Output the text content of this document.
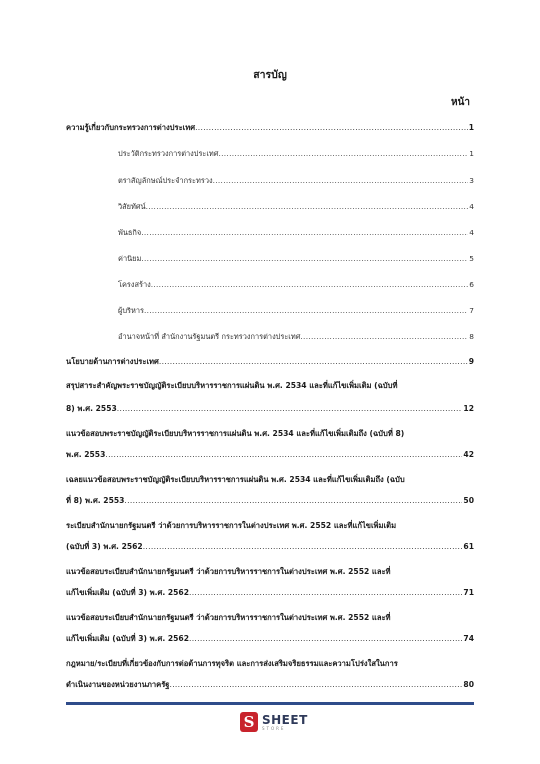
สารบัญ
หน้า
ความรู้เกี่ยวกับกระทรวงการต่างประเทศ .....	1
ประวัติกระทรวงการต่างประเทศ .....	1
ตราสัญลักษณ์ประจำกระทรวง .....	3
วิสัยทัศน์ .....	4
พันธกิจ .....	4
ค่านิยม .....	5
โครงสร้าง .....	6
ผู้บริหาร .....	7
อำนาจหน้าที่ สำนักงานรัฐมนตรี กระทรวงการต่างประเทศ .....	8
นโยบายด้านการต่างประเทศ .....	9
สรุปสาระสำคัญพระราชบัญญัติระเบียบบริหารราชการแผ่นดิน พ.ศ. 2534 และที่แก้ไขเพิ่มเติม (ฉบับที่
8) พ.ศ. 2553 .....	12
แนวข้อสอบพระราชบัญญัติระเบียบบริหารราชการแผ่นดิน พ.ศ. 2534 และที่แก้ไขเพิ่มเติมถึง (ฉบับที่ 8)
พ.ศ. 2553 .....	42
เฉลยแนวข้อสอบพระราชบัญญัติระเบียบบริหารราชการแผ่นดิน พ.ศ. 2534 และที่แก้ไขเพิ่มเติมถึง (ฉบับ
ที่ 8) พ.ศ. 2553 .....	50
ระเบียบสำนักนายกรัฐมนตรี ว่าด้วยการบริหารราชการในต่างประเทศ พ.ศ. 2552 และที่แก้ไขเพิ่มเติม
(ฉบับที่ 3) พ.ศ. 2562 .....	61
แนวข้อสอบระเบียบสำนักนายกรัฐมนตรี ว่าด้วยการบริหารราชการในต่างประเทศ พ.ศ. 2552 และที่
แก้ไขเพิ่มเติม (ฉบับที่ 3) พ.ศ. 2562 .....	71
แนวข้อสอบระเบียบสำนักนายกรัฐมนตรี ว่าด้วยการบริหารราชการในต่างประเทศ พ.ศ. 2552 และที่
แก้ไขเพิ่มเติม (ฉบับที่ 3) พ.ศ. 2562 .....	74
กฎหมาย/ระเบียบที่เกี่ยวข้องกับการต่อต้านการทุจริต และการส่งเสริมจริยธรรมและความโปร่งใสในการ
ดำเนินงานของหน่วยงานภาครัฐ .....	80
S SHEET
STORE
